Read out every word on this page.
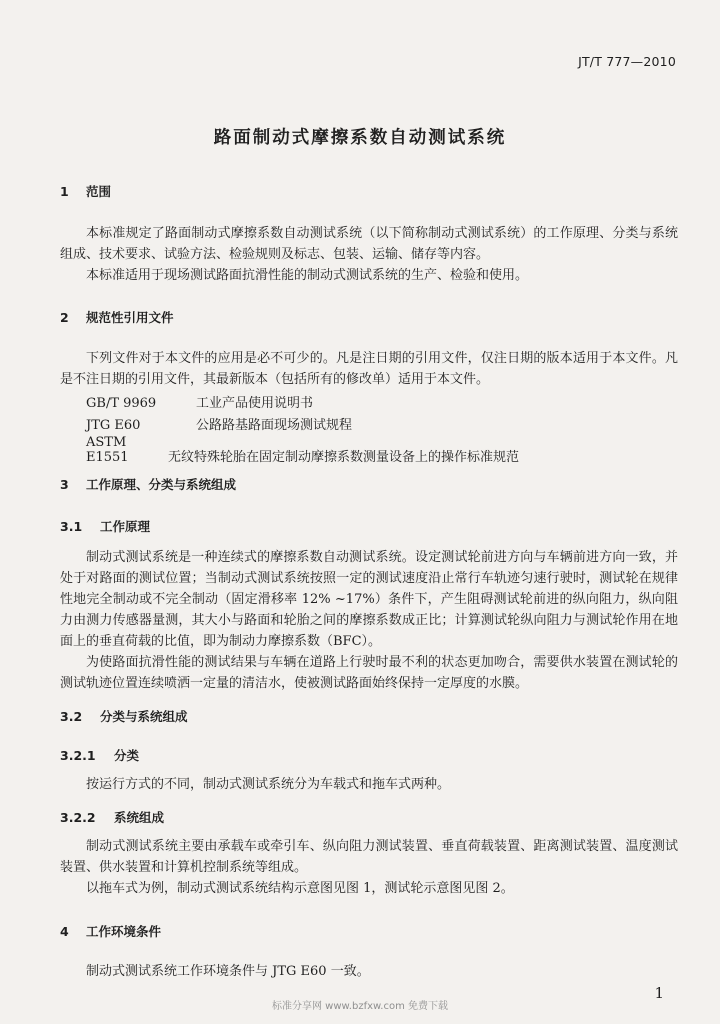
JT/T 777—2010
路面制动式摩擦系数自动测试系统
1 范围

本标准规定了路面制动式摩擦系数自动测试系统（以下简称制动式测试系统）的工作原理、分类与系统组成、技术要求、试验方法、检验规则及标志、包装、运输、储存等内容。

本标准适用于现场测试路面抗滑性能的制动式测试系统的生产、检验和使用。

2 规范性引用文件

下列文件对于本文件的应用是必不可少的。凡是注日期的引用文件，仅注日期的版本适用于本文件。凡是不注日期的引用文件，其最新版本（包括所有的修改单）适用于本文件。

GB/T 9969	工业产品使用说明书
JTG E60	公路路基路面现场测试规程
ASTM E1551	无纹特殊轮胎在固定制动摩擦系数测量设备上的操作标准规范
3 工作原理、分类与系统组成
3.1 工作原理

制动式测试系统是一种连续式的摩擦系数自动测试系统。设定测试轮前进方向与车辆前进方向一致，并处于对路面的测试位置；当制动式测试系统按照一定的测试速度沿止常行车轨迹匀速行驶时，测试轮在规律性地完全制动或不完全制动（固定滑移率 12% ~17%）条件下，产生阻碍测试轮前进的纵向阻力，纵向阻力由测力传感器量测，其大小与路面和轮胎之间的摩擦系数成正比；计算测试轮纵向阻力与测试轮作用在地面上的垂直荷载的比值，即为制动力摩擦系数（BFC）。

为使路面抗滑性能的测试结果与车辆在道路上行驶时最不利的状态更加吻合，需要供水装置在测试轮的测试轨迹位置连续喷洒一定量的清洁水，使被测试路面始终保持一定厚度的水膜。

3.2 分类与系统组成
3.2.1 分类

按运行方式的不同，制动式测试系统分为车载式和拖车式两种。

3.2.2 系统组成

制动式测试系统主要由承载车或牵引车、纵向阻力测试装置、垂直荷载装置、距离测试装置、温度测试装置、供水装置和计算机控制系统等组成。

以拖车式为例，制动式测试系统结构示意图见图 1，测试轮示意图见图 2。

4 工作环境条件

制动式测试系统工作环境条件与 JTG E60 一致。

1
标准分享网 www.bzfxw.com 免费下载
